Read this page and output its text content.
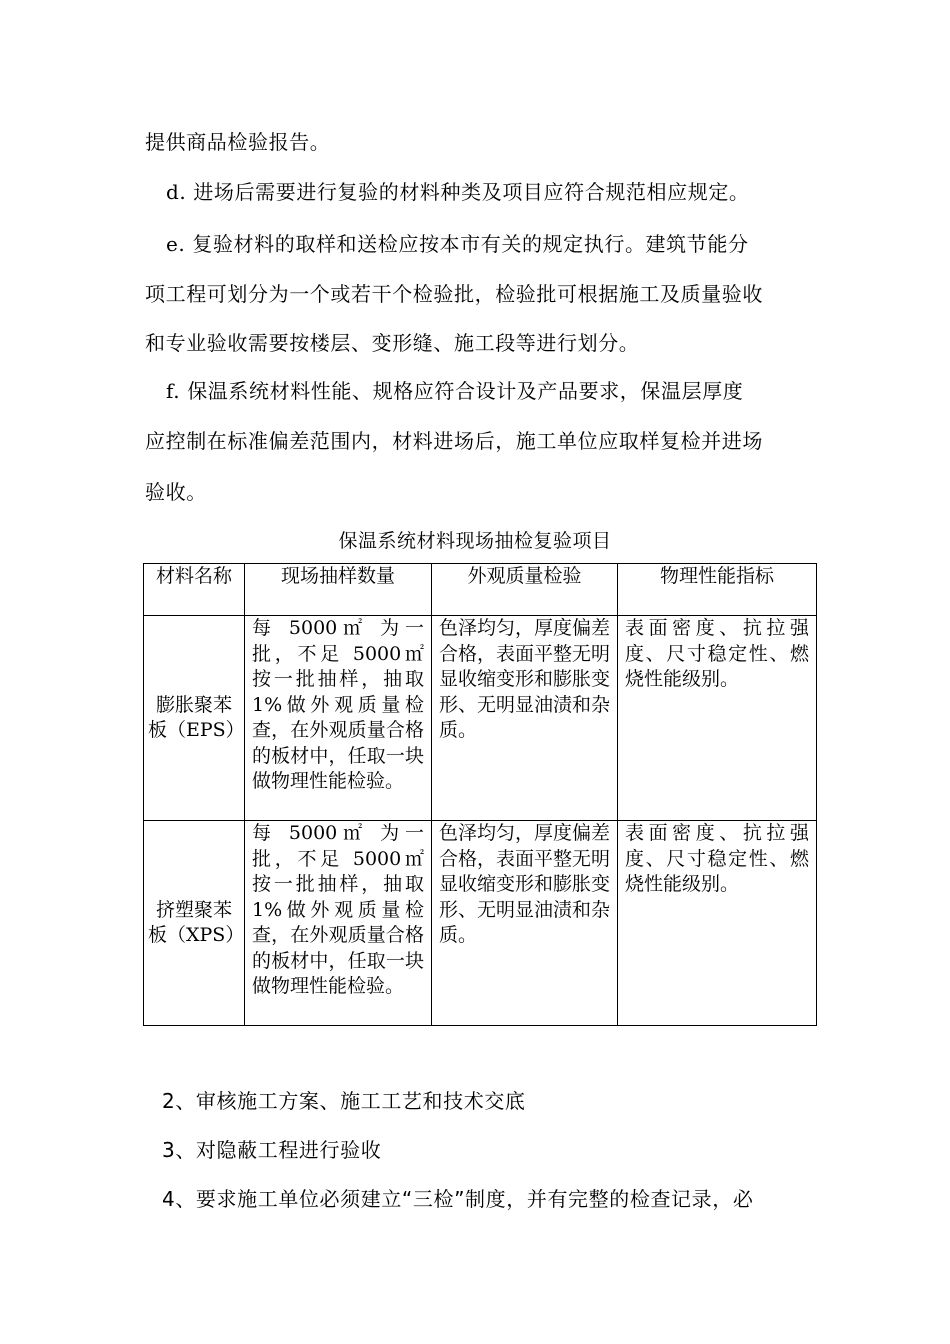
提供商品检验报告。
d. 进场后需要进行复验的材料种类及项目应符合规范相应规定。
e. 复验材料的取样和送检应按本市有关的规定执行。建筑节能分
项工程可划分为一个或若干个检验批，检验批可根据施工及质量验收
和专业验收需要按楼层、变形缝、施工段等进行划分。
f. 保温系统材料性能、规格应符合设计及产品要求，保温层厚度
应控制在标准偏差范围内，材料进场后，施工单位应取样复检并进场
验收。
保温系统材料现场抽检复验项目
材料名称	现场抽样数量	外观质量检验	物理性能指标
膨胀聚苯板（EPS）	每 5000㎡ 为一批，不足 5000㎡ 按一批抽样，抽取 1%做外观质量检查，在外观质量合格的板材中，任取一块做物理性能检验。	色泽均匀，厚度偏差合格，表面平整无明显收缩变形和膨胀变形、无明显油渍和杂质。	表面密度、抗拉强度、尺寸稳定性、燃烧性能级别。
挤塑聚苯板（XPS）	每 5000㎡ 为一批，不足 5000㎡ 按一批抽样，抽取 1%做外观质量检查，在外观质量合格的板材中，任取一块做物理性能检验。	色泽均匀，厚度偏差合格，表面平整无明显收缩变形和膨胀变形、无明显油渍和杂质。	表面密度、抗拉强度、尺寸稳定性、燃烧性能级别。
2、审核施工方案、施工工艺和技术交底
3、对隐蔽工程进行验收
4、要求施工单位必须建立“三检”制度，并有完整的检查记录，必
